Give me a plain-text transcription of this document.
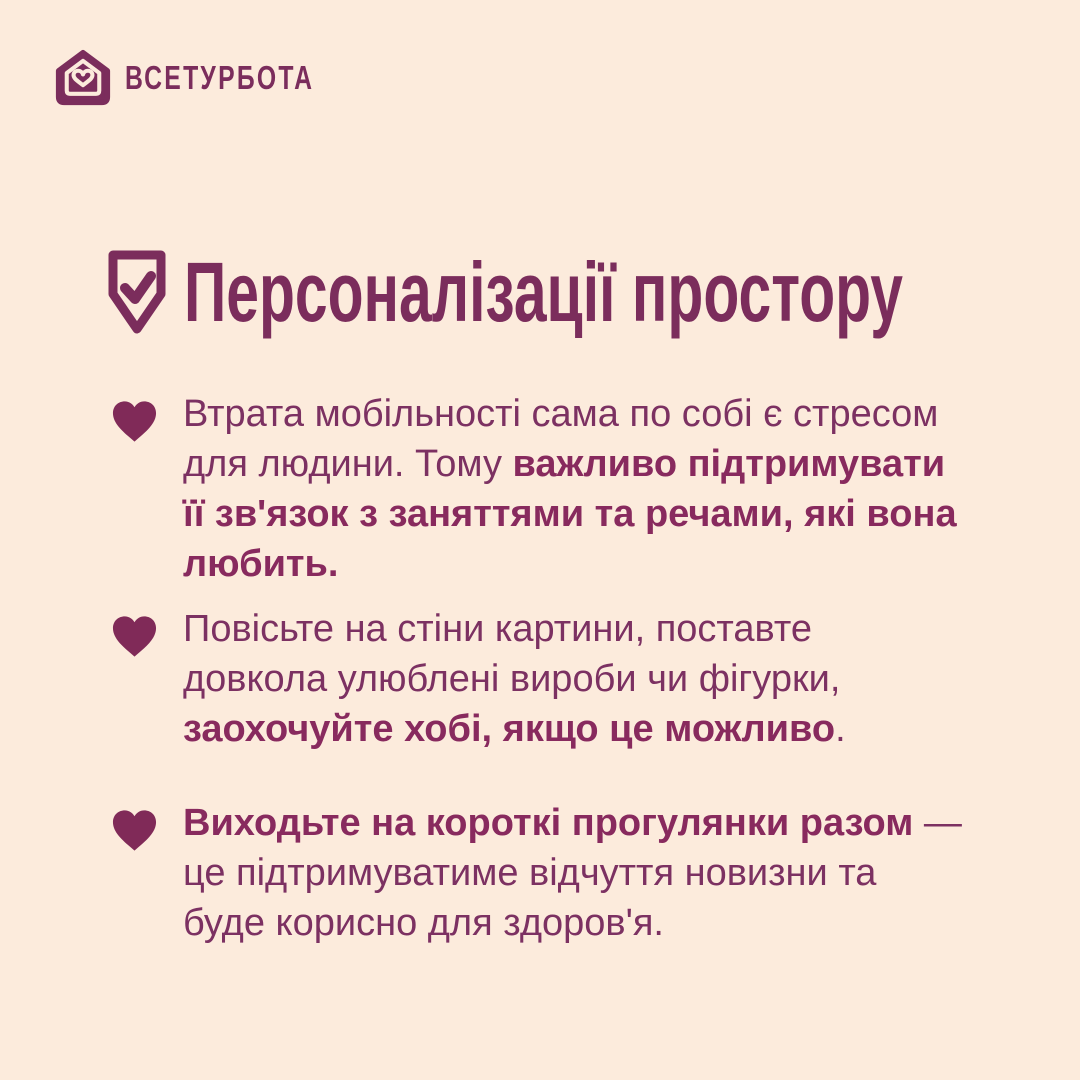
ВСЕТУРБОТА
Персоналізації простору
Втрата мобільності сама по собі є стресом
для людини. Тому важливо підтримувати
її зв'язок з заняттями та речами, які вона
любить.
Повісьте на стіни картини, поставте
довкола улюблені вироби чи фігурки,
заохочуйте хобі, якщо це можливо.
Виходьте на короткі прогулянки разом —
це підтримуватиме відчуття новизни та
буде корисно для здоров'я.
